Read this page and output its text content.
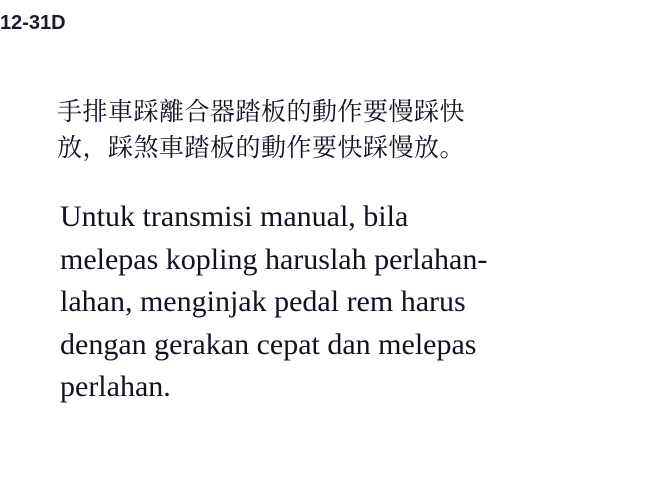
12-31D
手排車踩離合器踏板的動作要慢踩快
放，踩煞車踏板的動作要快踩慢放。
Untuk transmisi manual, bila
melepas kopling haruslah perlahan-
lahan, menginjak pedal rem harus
dengan gerakan cepat dan melepas
perlahan.
